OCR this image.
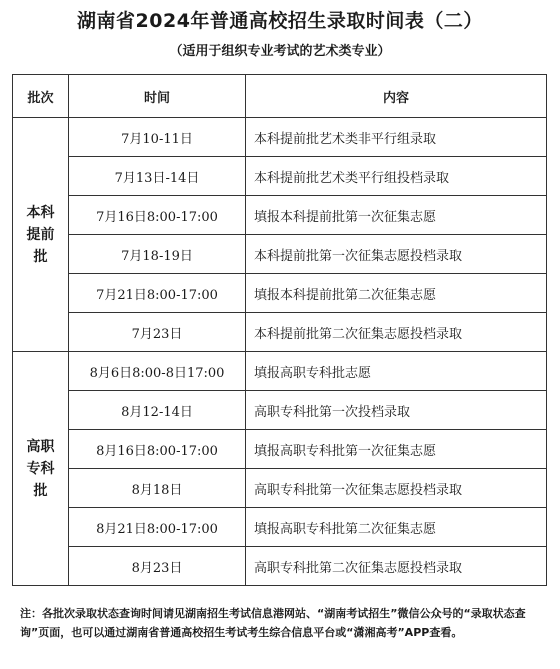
湖南省2024年普通高校招生录取时间表（二）
（适用于组织专业考试的艺术类专业）
批次	时间	内容

本科
提前
批	7月10-11日	本科提前批艺术类非平行组录取
	7月13日-14日	本科提前批艺术类平行组投档录取
	7月16日8:00-17:00	填报本科提前批第一次征集志愿
	7月18-19日	本科提前批第一次征集志愿投档录取
	7月21日8:00-17:00	填报本科提前批第二次征集志愿
	7月23日	本科提前批第二次征集志愿投档录取

高职
专科
批	8月6日8:00-8日17:00	填报高职专科批志愿
	8月12-14日	高职专科批第一次投档录取
	8月16日8:00-17:00	填报高职专科批第一次征集志愿
	8月18日	高职专科批第一次征集志愿投档录取
	8月21日8:00-17:00	填报高职专科批第二次征集志愿
	8月23日	高职专科批第二次征集志愿投档录取
注：各批次录取状态查询时间请见湖南招生考试信息港网站、“湖南考试招生”微信公众号的“录取状态查询”页面，也可以通过湖南省普通高校招生考试考生综合信息平台或“潇湘高考”APP查看。
